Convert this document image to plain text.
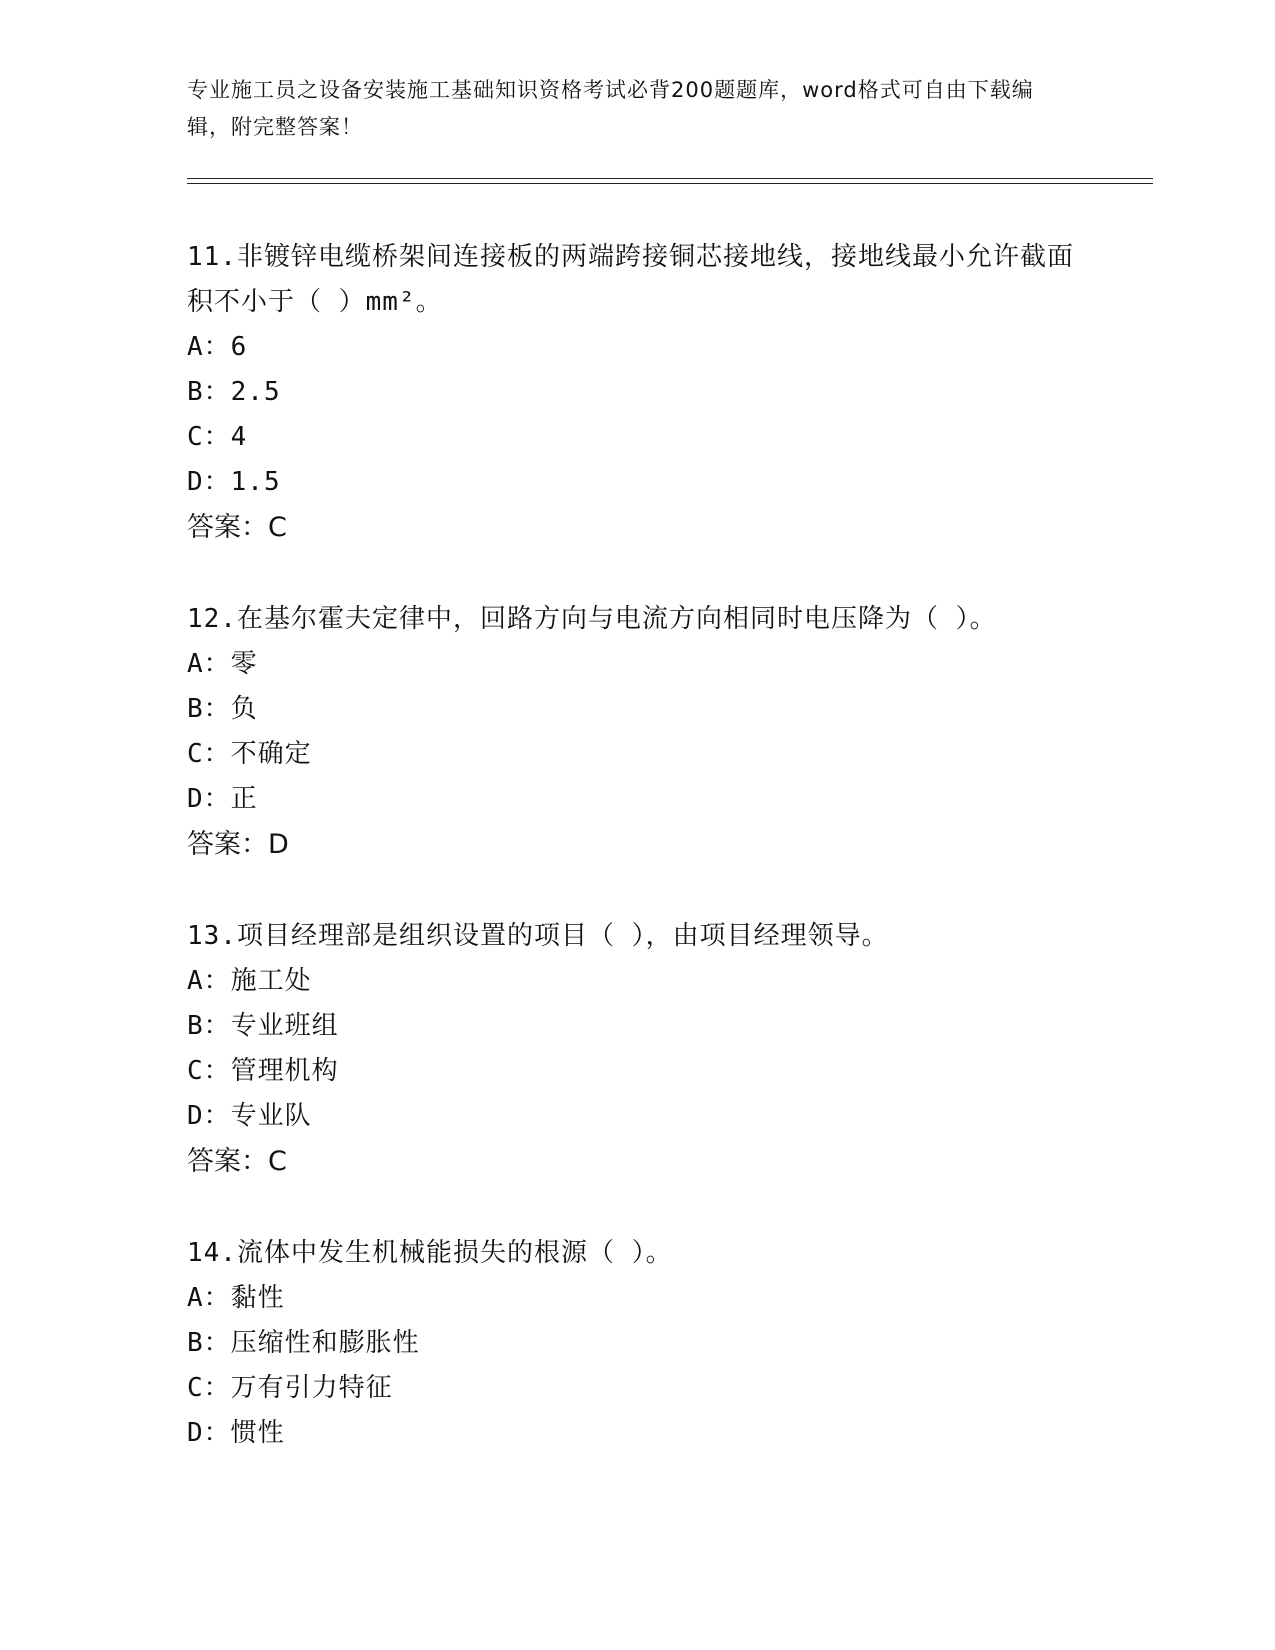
专业施工员之设备安装施工基础知识资格考试必背200题题库，word格式可自由下载编辑，附完整答案！
11.非镀锌电缆桥架间连接板的两端跨接铜芯接地线，接地线最小允许截面积不小于（ ）mm²。
A：6
B：2.5
C：4
D：1.5
答案：C
12.在基尔霍夫定律中，回路方向与电流方向相同时电压降为（ ）。
A：零
B：负
C：不确定
D：正
答案：D
13.项目经理部是组织设置的项目（ ），由项目经理领导。
A：施工处
B：专业班组
C：管理机构
D：专业队
答案：C
14.流体中发生机械能损失的根源（ ）。
A：黏性
B：压缩性和膨胀性
C：万有引力特征
D：惯性
